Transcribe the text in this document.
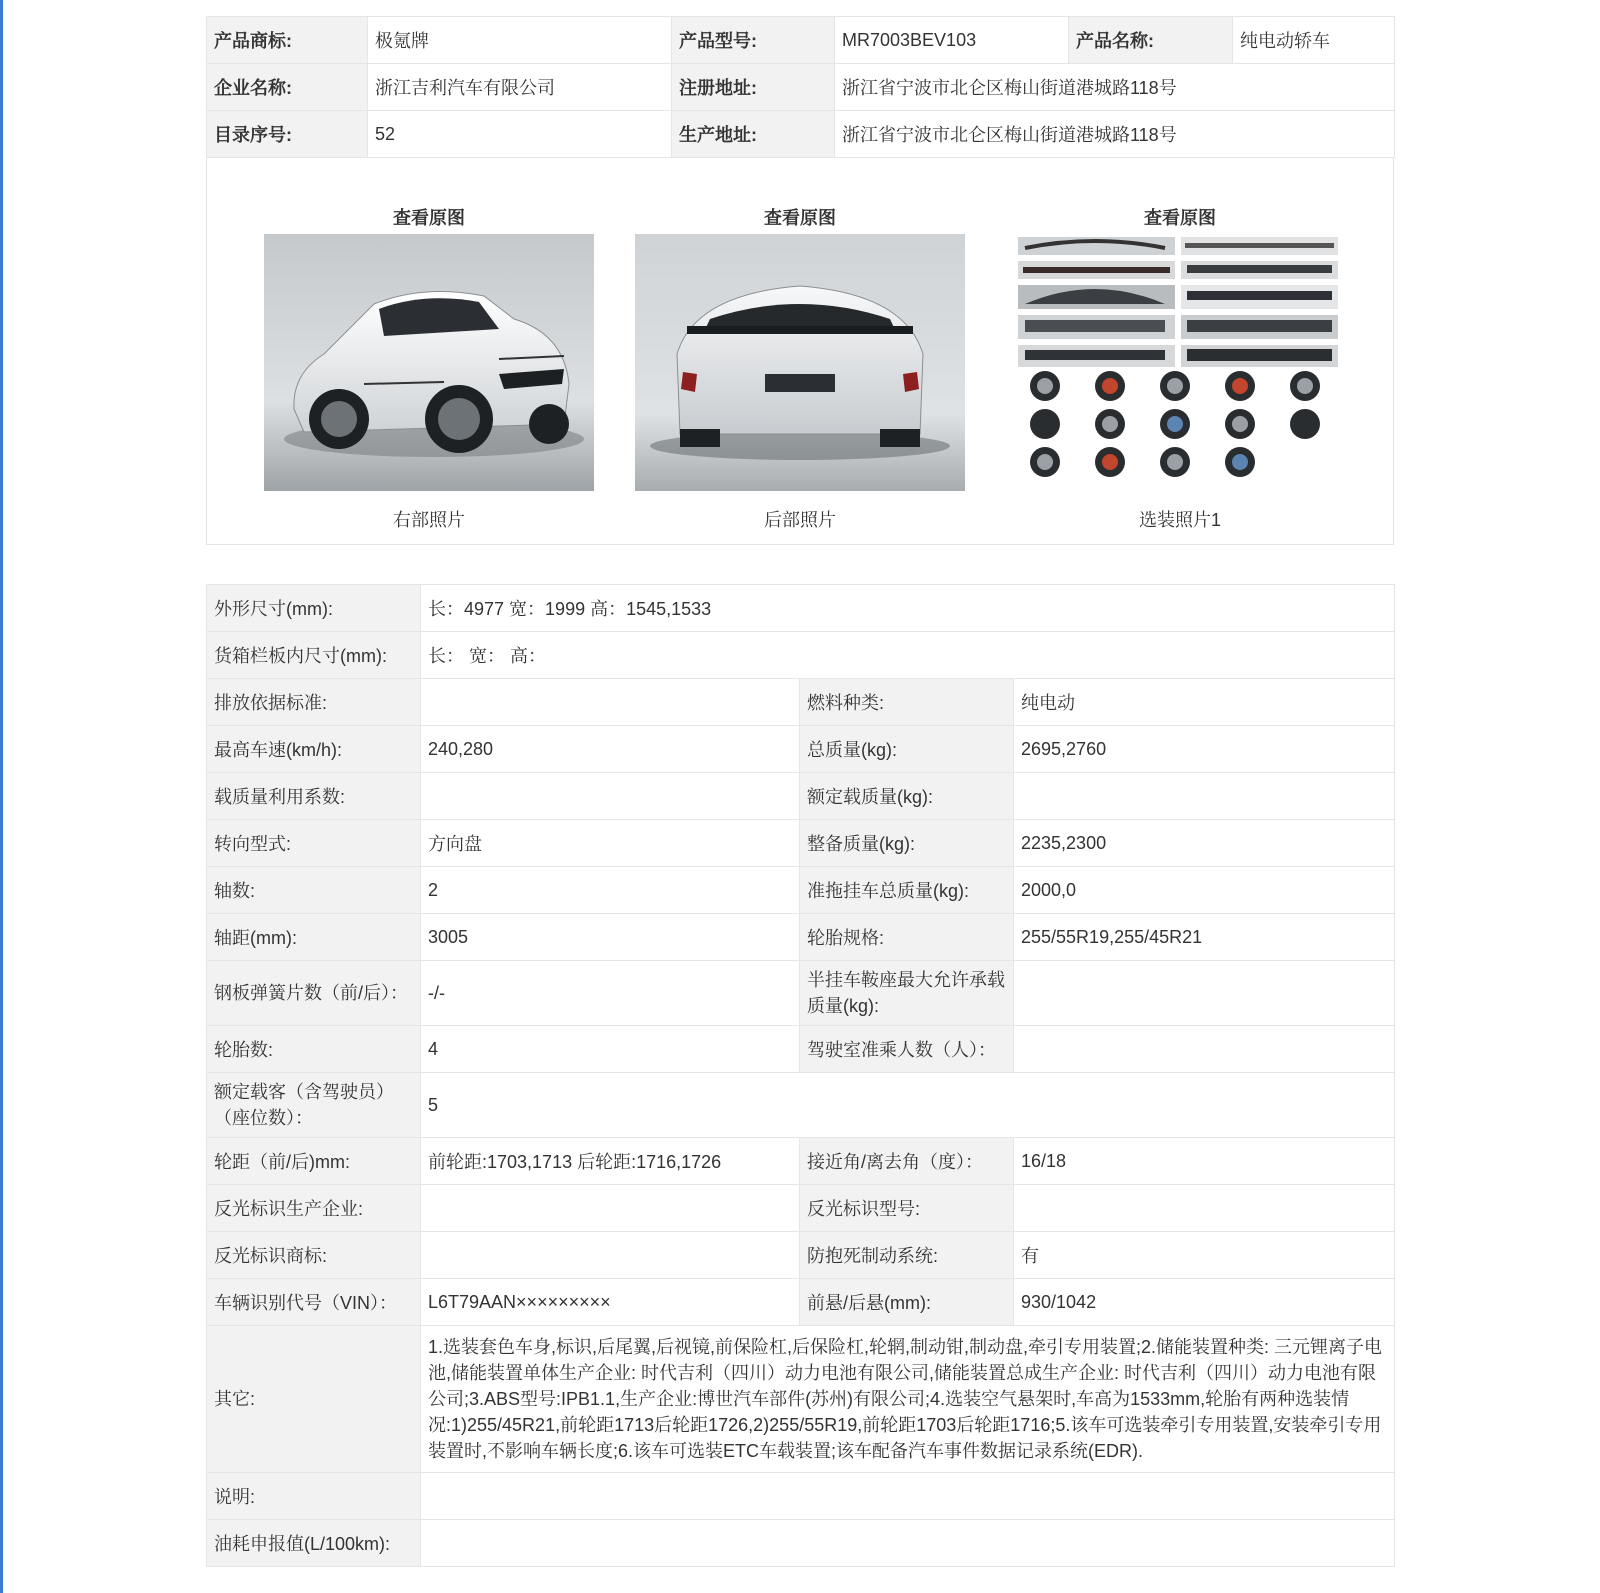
产品商标:	极氪牌	产品型号:	MR7003BEV103	产品名称:	纯电动轿车
企业名称:	浙江吉利汽车有限公司	注册地址:	浙江省宁波市北仑区梅山街道港城路118号		
目录序号:	52	生产地址:	浙江省宁波市北仑区梅山街道港城路118号		
查看原图
右部照片
查看原图
后部照片
查看原图
选装照片1
外形尺寸(mm):	长：4977 宽：1999 高：1545,1533		
货箱栏板内尺寸(mm):	长： 宽： 高：		
排放依据标准:		燃料种类:	纯电动
最高车速(km/h):	240,280	总质量(kg):	2695,2760
载质量利用系数:		额定载质量(kg):	
转向型式:	方向盘	整备质量(kg):	2235,2300
轴数:	2	准拖挂车总质量(kg):	2000,0
轴距(mm):	3005	轮胎规格:	255/55R19,255/45R21
钢板弹簧片数（前/后）：	-/-	半挂车鞍座最大允许承载质量(kg):	
轮胎数:	4	驾驶室准乘人数（人）：	
额定载客（含驾驶员）（座位数）：	5		
轮距（前/后)mm:	前轮距:1703,1713 后轮距:1716,1726	接近角/离去角（度）：	16/18
反光标识生产企业:		反光标识型号:	
反光标识商标:		防抱死制动系统:	有
车辆识别代号（VIN）：	L6T79AAN×××××××××	前悬/后悬(mm):	930/1042
其它:	1.选装套色车身,标识,后尾翼,后视镜,前保险杠,后保险杠,轮辋,制动钳,制动盘,牵引专用装置;2.储能装置种类: 三元锂离子电池,储能装置单体生产企业: 时代吉利（四川）动力电池有限公司,储能装置总成生产企业: 时代吉利（四川）动力电池有限公司;3.ABS型号:IPB1.1,生产企业:博世汽车部件(苏州)有限公司;4.选装空气悬架时,车高为1533mm,轮胎有两种选装情况:1)255/45R21,前轮距1713后轮距1726,2)255/55R19,前轮距1703后轮距1716;5.该车可选装牵引专用装置,安装牵引专用装置时,不影响车辆长度;6.该车可选装ETC车载装置;该车配备汽车事件数据记录系统(EDR).		
说明:			
油耗申报值(L/100km):			
